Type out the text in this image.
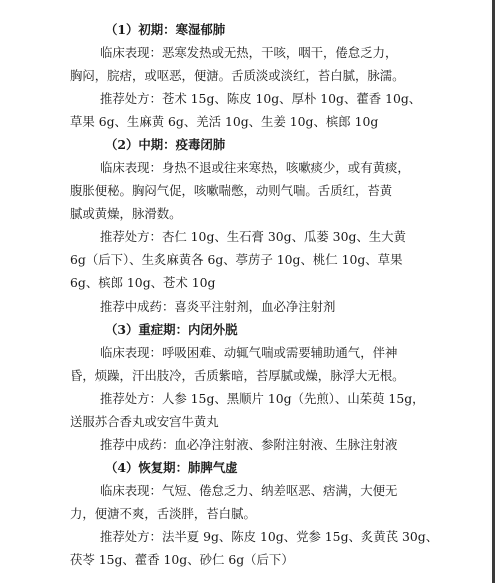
（1）初期：寒湿郁肺
临床表现：恶寒发热或无热，干咳，咽干，倦怠乏力，
胸闷，脘痞，或呕恶，便溏。舌质淡或淡红，苔白腻，脉濡。
推荐处方：苍术 15g、陈皮 10g、厚朴 10g、藿香 10g、
草果 6g、生麻黄 6g、羌活 10g、生姜 10g、槟郎 10g
（2）中期：疫毒闭肺
临床表现：身热不退或往来寒热，咳嗽痰少，或有黄痰，
腹胀便秘。胸闷气促，咳嗽喘憋，动则气喘。舌质红，苔黄
腻或黄燥，脉滑数。
推荐处方：杏仁 10g、生石膏 30g、瓜蒌 30g、生大黄
6g（后下）、生炙麻黄各 6g、葶苈子 10g、桃仁 10g、草果
6g、槟郎 10g、苍术 10g
推荐中成药：喜炎平注射剂，血必净注射剂
（3）重症期：内闭外脱
临床表现：呼吸困难、动辄气喘或需要辅助通气，伴神
昏，烦躁，汗出肢冷，舌质紫暗，苔厚腻或燥，脉浮大无根。
推荐处方：人参 15g、黑顺片 10g（先煎）、山茱萸 15g，
送服苏合香丸或安宫牛黄丸
推荐中成药：血必净注射液、参附注射液、生脉注射液
（4）恢复期：肺脾气虚
临床表现：气短、倦怠乏力、纳差呕恶、痞满，大便无
力，便溏不爽，舌淡胖，苔白腻。
推荐处方：法半夏 9g、陈皮 10g、党参 15g、炙黄芪 30g、
茯苓 15g、藿香 10g、砂仁 6g（后下）
